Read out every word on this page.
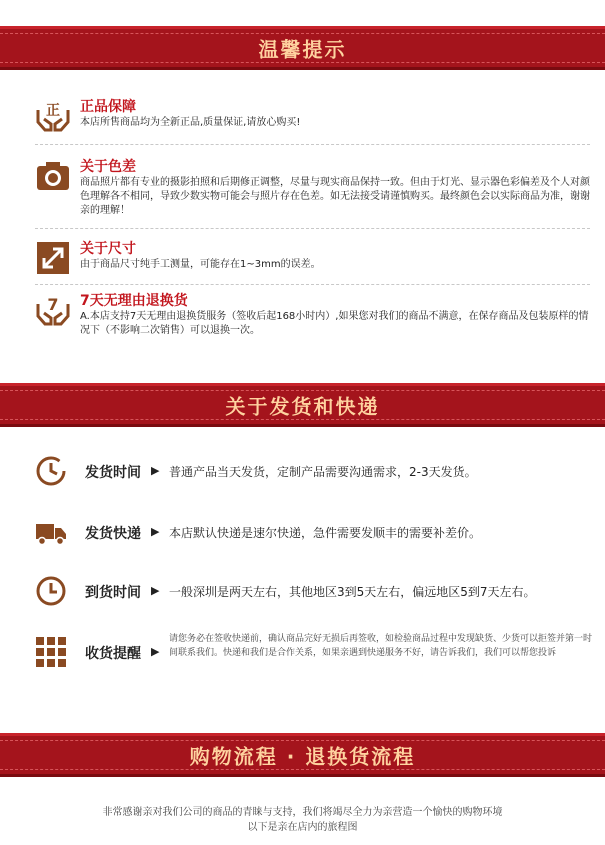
温馨提示
正 正品保障
本店所售商品均为全新正品,质量保证,请放心购买!
关于色差
商品照片都有专业的摄影拍照和后期修正调整，尽量与现实商品保持一致。但由于灯光、显示器色彩偏差及个人对颜色理解各不相同，导致少数实物可能会与照片存在色差。如无法接受请谨慎购买。最终颜色会以实际商品为准，谢谢亲的理解！
关于尺寸
由于商品尺寸纯手工测量，可能存在1~3mm的误差。
7 7天无理由退换货
A.本店支持7天无理由退换货服务（签收后起168小时内）,如果您对我们的商品不满意，在保存商品及包装原样的情况下（不影响二次销售）可以退换一次。
关于发货和快递
发货时间 ▶ 普通产品当天发货，定制产品需要沟通需求，2-3天发货。
发货快递 ▶ 本店默认快递是速尔快递，急件需要发顺丰的需要补差价。
到货时间 ▶ 一般深圳是两天左右，其他地区3到5天左右，偏远地区5到7天左右。
收货提醒 ▶
请您务必在签收快递前，确认商品完好无损后再签收，如检验商品过程中发现缺货、少货可以拒签并第一时间联系我们。快递和我们是合作关系，如果亲遇到快递服务不好，请告诉我们，我们可以帮您投诉
购物流程 · 退换货流程
非常感谢亲对我们公司的商品的青睐与支持，我们将竭尽全力为亲营造一个愉快的购物环境
以下是亲在店内的旅程图
